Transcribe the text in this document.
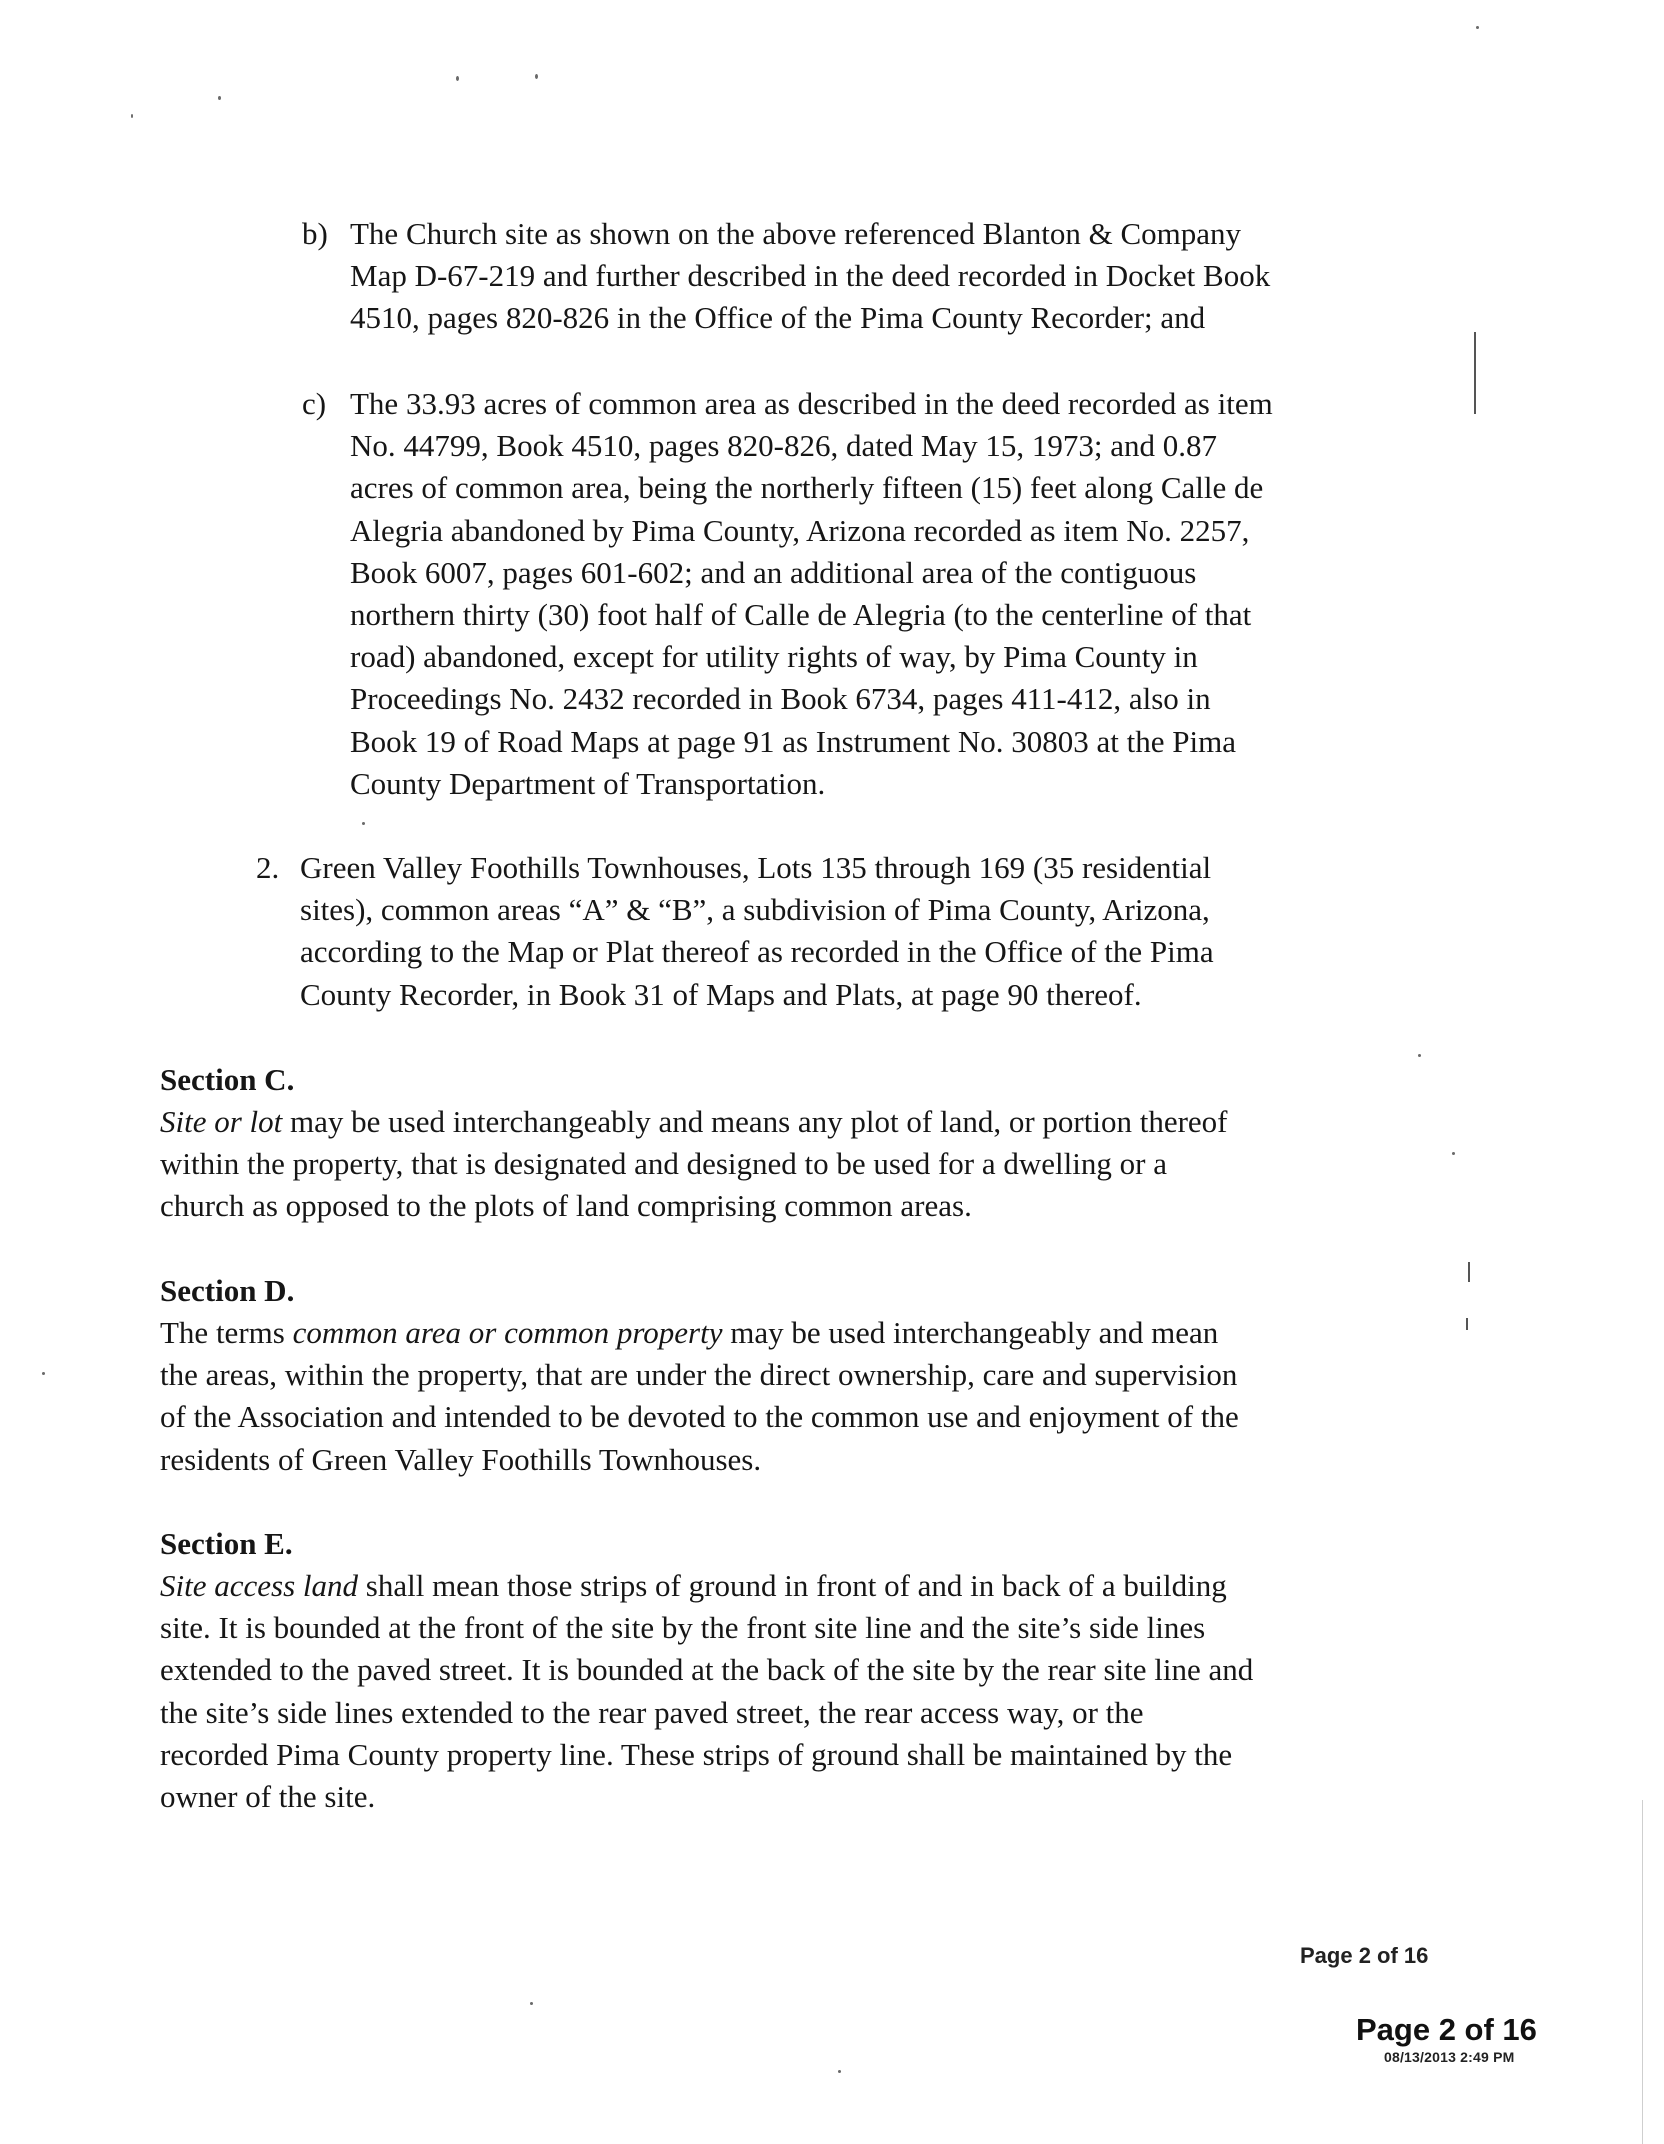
b) The Church site as shown on the above referenced Blanton & Company
Map D-67-219 and further described in the deed recorded in Docket Book
4510, pages 820-826 in the Office of the Pima County Recorder; and
c) The 33.93 acres of common area as described in the deed recorded as item
No. 44799, Book 4510, pages 820-826, dated May 15, 1973; and 0.87
acres of common area, being the northerly fifteen (15) feet along Calle de
Alegria abandoned by Pima County, Arizona recorded as item No. 2257,
Book 6007, pages 601-602; and an additional area of the contiguous
northern thirty (30) foot half of Calle de Alegria (to the centerline of that
road) abandoned, except for utility rights of way, by Pima County in
Proceedings No. 2432 recorded in Book 6734, pages 411-412, also in
Book 19 of Road Maps at page 91 as Instrument No. 30803 at the Pima
County Department of Transportation.
2. Green Valley Foothills Townhouses, Lots 135 through 169 (35 residential
sites), common areas “A” & “B”, a subdivision of Pima County, Arizona,
according to the Map or Plat thereof as recorded in the Office of the Pima
County Recorder, in Book 31 of Maps and Plats, at page 90 thereof.
Section C.
Site or lot may be used interchangeably and means any plot of land, or portion thereof
within the property, that is designated and designed to be used for a dwelling or a
church as opposed to the plots of land comprising common areas.
Section D.
The terms common area or common property may be used interchangeably and mean
the areas, within the property, that are under the direct ownership, care and supervision
of the Association and intended to be devoted to the common use and enjoyment of the
residents of Green Valley Foothills Townhouses.
Section E.
Site access land shall mean those strips of ground in front of and in back of a building
site. It is bounded at the front of the site by the front site line and the site’s side lines
extended to the paved street. It is bounded at the back of the site by the rear site line and
the site’s side lines extended to the rear paved street, the rear access way, or the
recorded Pima County property line. These strips of ground shall be maintained by the
owner of the site.
Page 2 of 16
Page 2 of 16
08/13/2013 2:49 PM
